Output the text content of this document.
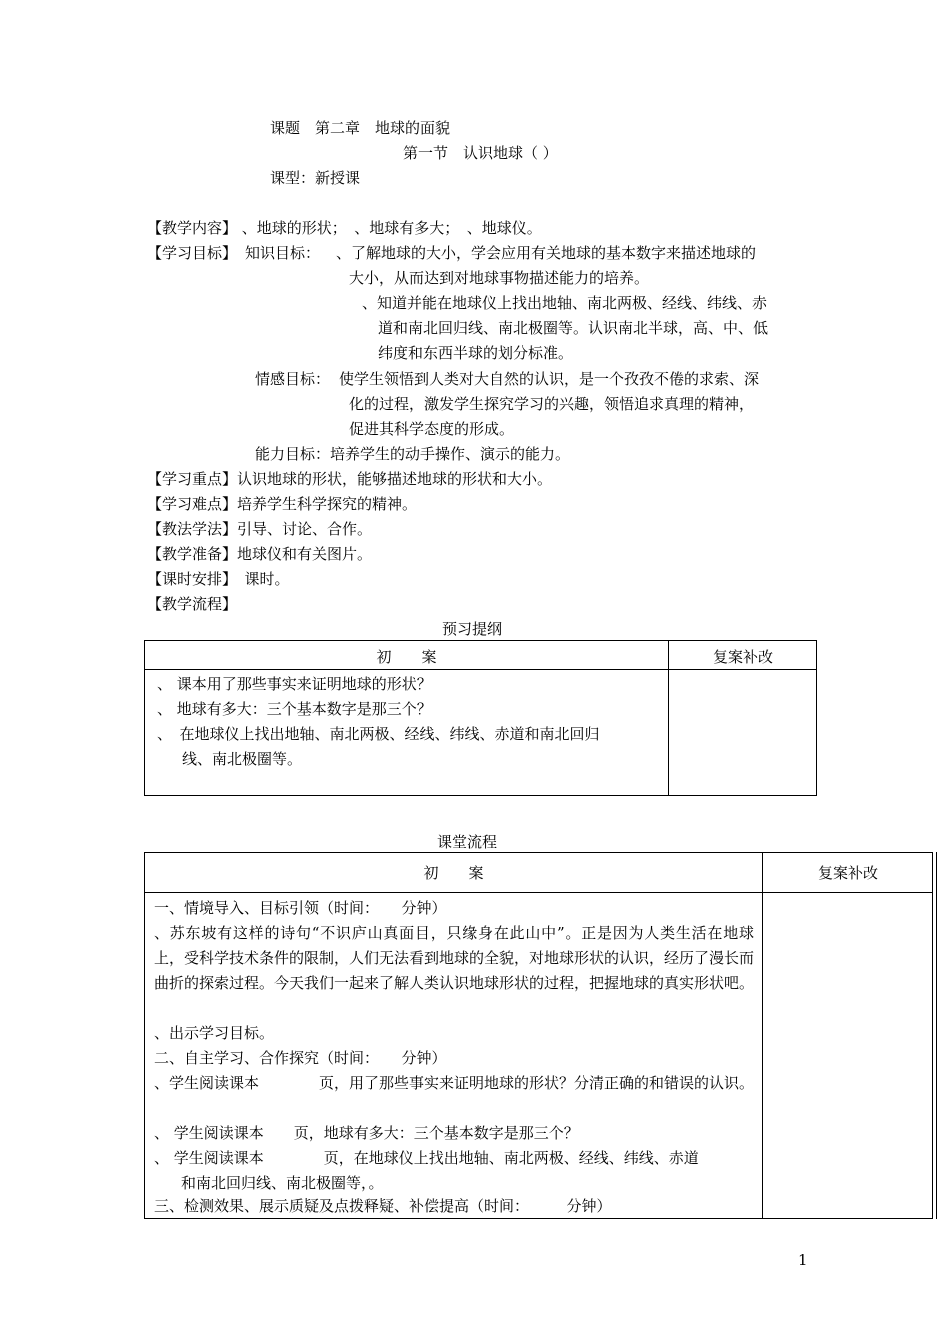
课题　第二章　地球的面貌
第一节　认识地球（ ）
课型：新授课
【教学内容】 、地球的形状；　、地球有多大；　、地球仪。
【学习目标】 知识目标： 、了解地球的大小，学会应用有关地球的基本数字来描述地球的
大小，从而达到对地球事物描述能力的培养。
、知道并能在地球仪上找出地轴、南北两极、经线、纬线、赤
道和南北回归线、南北极圈等。认识南北半球，高、中、低
纬度和东西半球的划分标准。
情感目标： 使学生领悟到人类对大自然的认识，是一个孜孜不倦的求索、深
化的过程，激发学生探究学习的兴趣，领悟追求真理的精神，
促进其科学态度的形成。
能力目标：培养学生的动手操作、演示的能力。
【学习重点】认识地球的形状，能够描述地球的形状和大小。
【学习难点】培养学生科学探究的精神。
【教法学法】引导、讨论、合作。
【教学准备】地球仪和有关图片。
【课时安排】　课时。
【教学流程】
预习提纲
初　　案	复案补改
、 课本用了那些事实来证明地球的形状？
、 地球有多大：三个基本数字是那三个？
、　在地球仪上找出地轴、南北两极、经线、纬线、赤道和南北回归
线、南北极圈等。
课堂流程
初　　案	复案补改
一、情境导入、目标引领（时间：　　分钟）
、苏东坡有这样的诗句“不识庐山真面目，只缘身在此山中”。正是因为人类生活在地球上，受科学技术条件的限制，人们无法看到地球的全貌，对地球形状的认识，经历了漫长而曲折的探索过程。今天我们一起来了解人类认识地球形状的过程，把握地球的真实形状吧。
、出示学习目标。
二、自主学习、合作探究（时间：　　分钟）
、学生阅读课本　　　　页，用了那些事实来证明地球的形状？分清正确的和错误的认识。
、 学生阅读课本　　页，地球有多大：三个基本数字是那三个？
、 学生阅读课本　　　　页，在地球仪上找出地轴、南北两极、经线、纬线、赤道
和南北回归线、南北极圈等，。
三、检测效果、展示质疑及点拨释疑、补偿提高（时间：　　　分钟）
1
